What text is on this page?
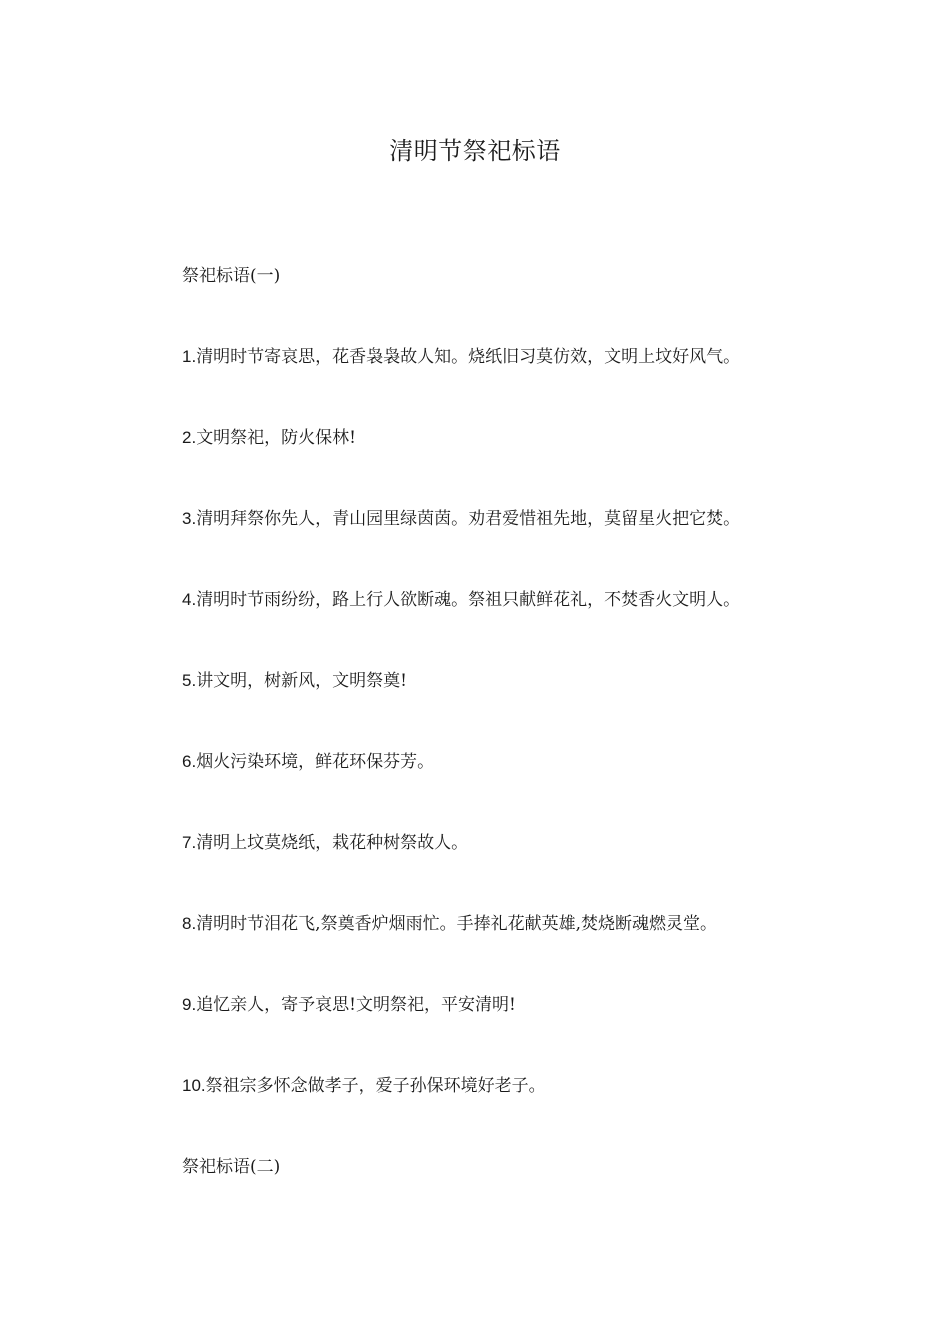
清明节祭祀标语
祭祀标语(一)
1.清明时节寄哀思，花香袅袅故人知。烧纸旧习莫仿效，文明上坟好风气。
2.文明祭祀，防火保林!
3.清明拜祭你先人，青山园里绿茵茵。劝君爱惜祖先地，莫留星火把它焚。
4.清明时节雨纷纷，路上行人欲断魂。祭祖只献鲜花礼，不焚香火文明人。
5.讲文明，树新风，文明祭奠!
6.烟火污染环境，鲜花环保芬芳。
7.清明上坟莫烧纸，栽花种树祭故人。
8.清明时节泪花飞,祭奠香炉烟雨忙。手捧礼花献英雄,焚烧断魂燃灵堂。
9.追忆亲人，寄予哀思!文明祭祀，平安清明!
10.祭祖宗多怀念做孝子，爱子孙保环境好老子。
祭祀标语(二)
